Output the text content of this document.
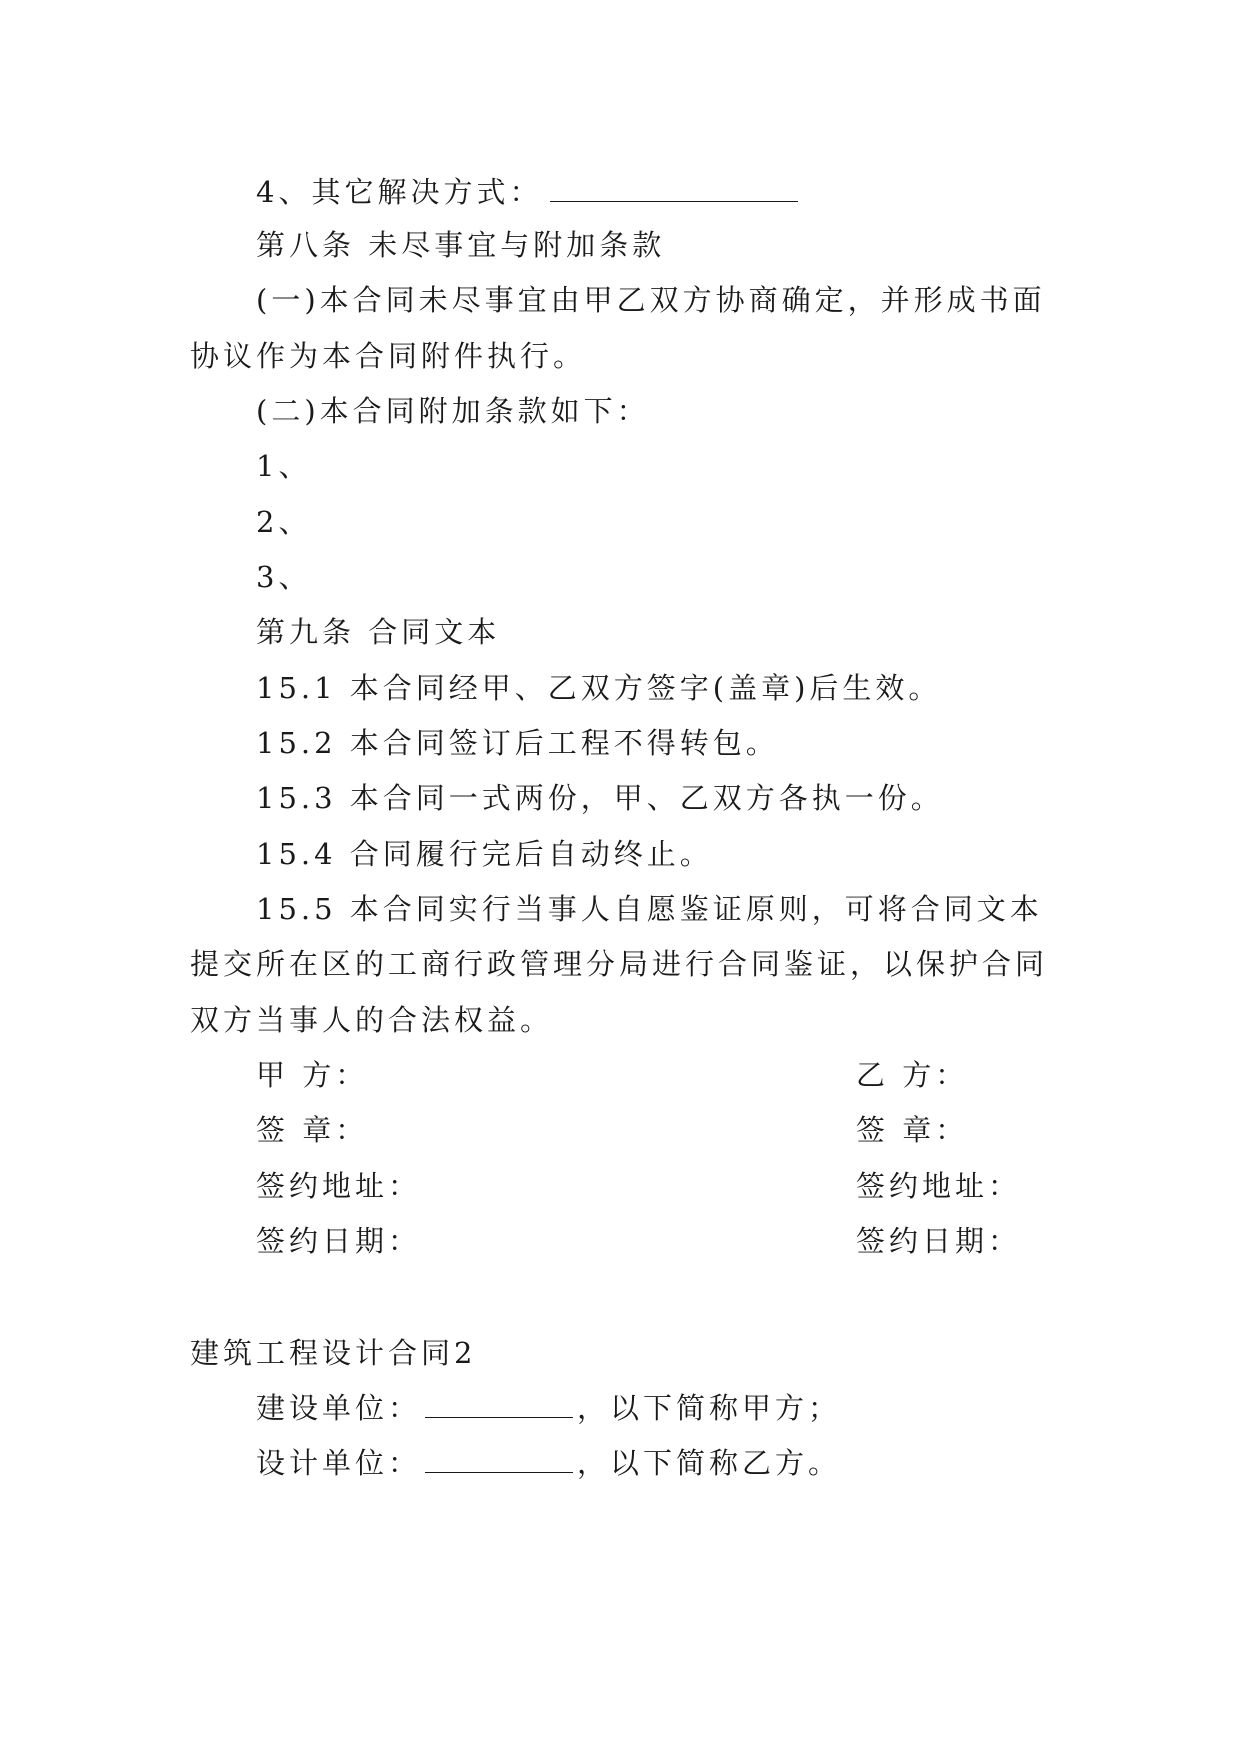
4、其它解决方式：
第八条 未尽事宜与附加条款
(一)本合同未尽事宜由甲乙双方协商确定，并形成书面
协议作为本合同附件执行。
(二)本合同附加条款如下：
1、
2、
3、
第九条 合同文本
15.1 本合同经甲、乙双方签字(盖章)后生效。
15.2 本合同签订后工程不得转包。
15.3 本合同一式两份，甲、乙双方各执一份。
15.4 合同履行完后自动终止。
15.5 本合同实行当事人自愿鉴证原则，可将合同文本
提交所在区的工商行政管理分局进行合同鉴证，以保护合同
双方当事人的合法权益。
甲 方：	乙 方：
签 章：	签 章：
签约地址：	签约地址：
签约日期：	签约日期：
建筑工程设计合同2
建设单位：	，以下简称甲方；
设计单位：	，以下简称乙方。
